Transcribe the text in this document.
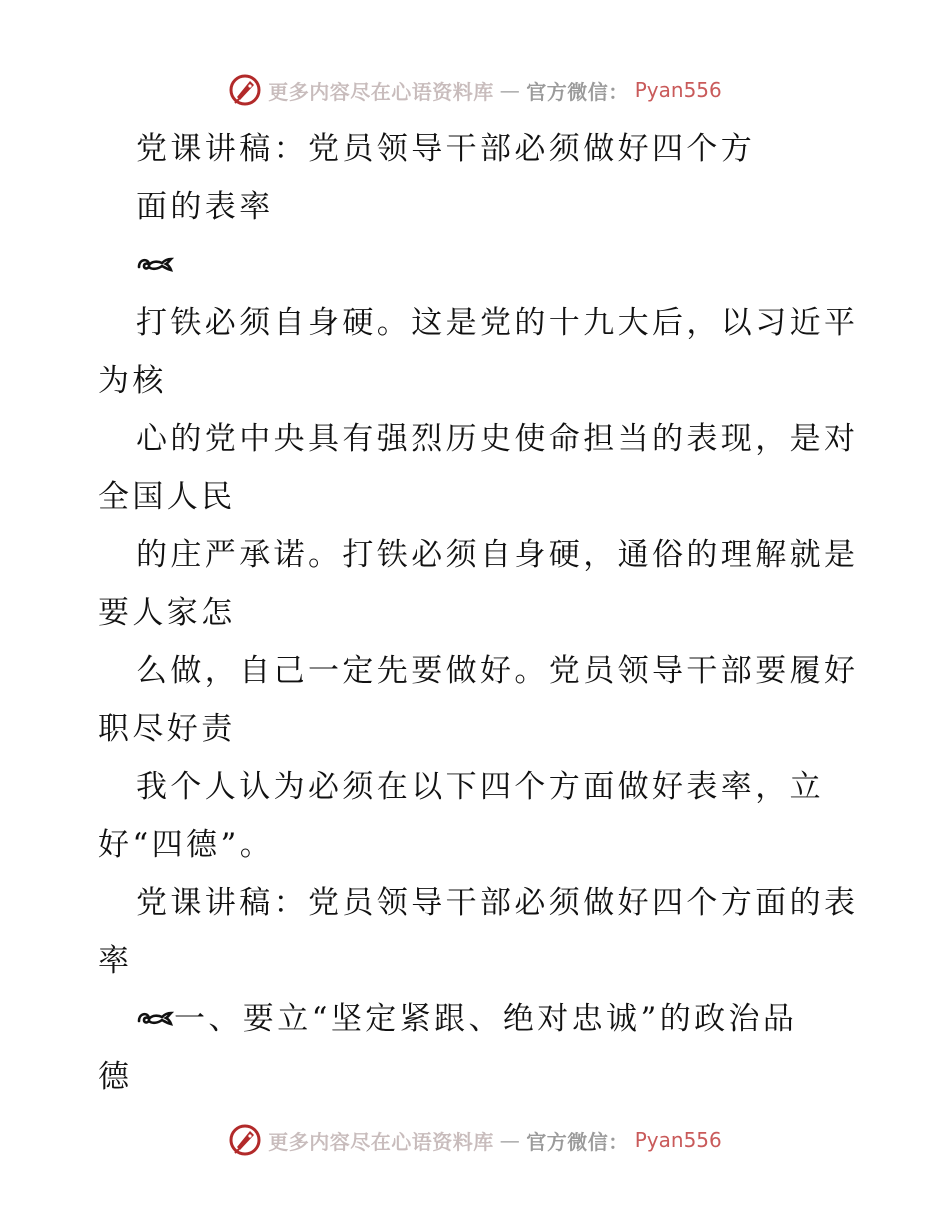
更多内容尽在心语资料库 — 官方微信： Pyan556
党课讲稿：党员领导干部必须做好四个方
面的表率
打铁必须自身硬。这是党的十九大后，以习近平
为核
心的党中央具有强烈历史使命担当的表现，是对
全国人民
的庄严承诺。打铁必须自身硬，通俗的理解就是
要人家怎
么做，自己一定先要做好。党员领导干部要履好
职尽好责
我个人认为必须在以下四个方面做好表率，立
好“四德”。
党课讲稿：党员领导干部必须做好四个方面的表
率
一、要立“坚定紧跟、绝对忠诚”的政治品
德
更多内容尽在心语资料库 — 官方微信： Pyan556
